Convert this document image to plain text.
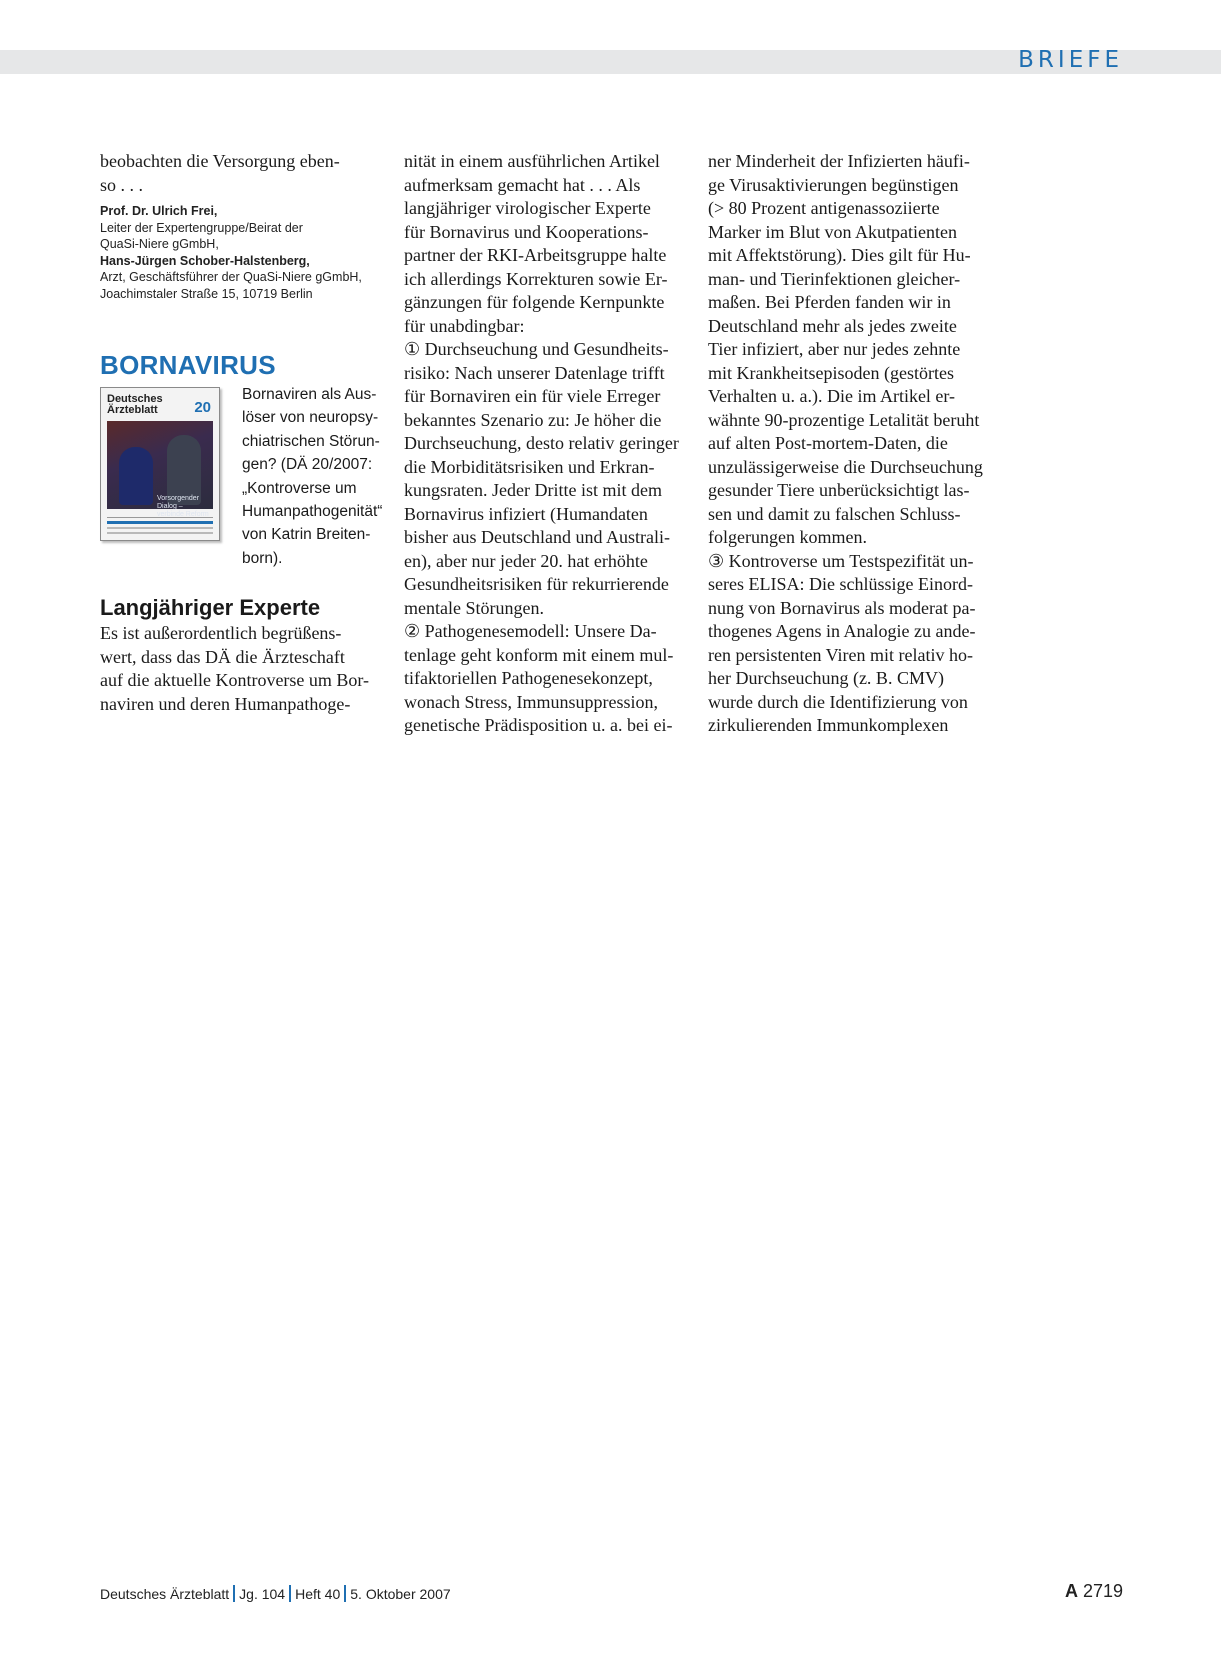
BRIEFE

beobachten die Versorgung eben-

so . . .

Prof. Dr. Ulrich Frei,
Leiter der Expertengruppe/Beirat der
QuaSi-Niere gGmbH,
Hans-Jürgen Schober-Halstenberg,
Arzt, Geschäftsführer der QuaSi-Niere gGmbH,
Joachimstaler Straße 15, 10719 Berlin
BORNAVIRUS
Deutsches Ärzteblatt	20
Vorsorgender Dialog – verbinde Reform
Bornaviren als Aus-
löser von neuropsy-
chiatrischen Störun-
gen? (DÄ 20/2007:
„Kontroverse um
Humanpathogenität“
von Katrin Breiten-
born).
Langjähriger Experte

Es ist außerordentlich begrüßens-

wert, dass das DÄ die Ärzteschaft

auf die aktuelle Kontroverse um Bor-

naviren und deren Humanpathoge-

nität in einem ausführlichen Artikel

aufmerksam gemacht hat . . . Als

langjähriger virologischer Experte

für Bornavirus und Kooperations-

partner der RKI-Arbeitsgruppe halte

ich allerdings Korrekturen sowie Er-

gänzungen für folgende Kernpunkte

für unabdingbar:

① Durchseuchung und Gesundheits-

risiko: Nach unserer Datenlage trifft

für Bornaviren ein für viele Erreger

bekanntes Szenario zu: Je höher die

Durchseuchung, desto relativ geringer

die Morbiditätsrisiken und Erkran-

kungsraten. Jeder Dritte ist mit dem

Bornavirus infiziert (Humandaten

bisher aus Deutschland und Australi-

en), aber nur jeder 20. hat erhöhte

Gesundheitsrisiken für rekurrierende

mentale Störungen.

② Pathogenesemodell: Unsere Da-

tenlage geht konform mit einem mul-

tifaktoriellen Pathogenesekonzept,

wonach Stress, Immunsuppression,

genetische Prädisposition u. a. bei ei-

ner Minderheit der Infizierten häufi-

ge Virusaktivierungen begünstigen

(> 80 Prozent antigenassoziierte

Marker im Blut von Akutpatienten

mit Affektstörung). Dies gilt für Hu-

man- und Tierinfektionen gleicher-

maßen. Bei Pferden fanden wir in

Deutschland mehr als jedes zweite

Tier infiziert, aber nur jedes zehnte

mit Krankheitsepisoden (gestörtes

Verhalten u. a.). Die im Artikel er-

wähnte 90-prozentige Letalität beruht

auf alten Post-mortem-Daten, die

unzulässigerweise die Durchseuchung

gesunder Tiere unberücksichtigt las-

sen und damit zu falschen Schluss-

folgerungen kommen.

③ Kontroverse um Testspezifität un-

seres ELISA: Die schlüssige Einord-

nung von Bornavirus als moderat pa-

thogenes Agens in Analogie zu ande-

ren persistenten Viren mit relativ ho-

her Durchseuchung (z. B. CMV)

wurde durch die Identifizierung von

zirkulierenden Immunkomplexen

Deutsches Ärzteblatt Jg. 104 Heft 40 5. Oktober 2007	A 2719
